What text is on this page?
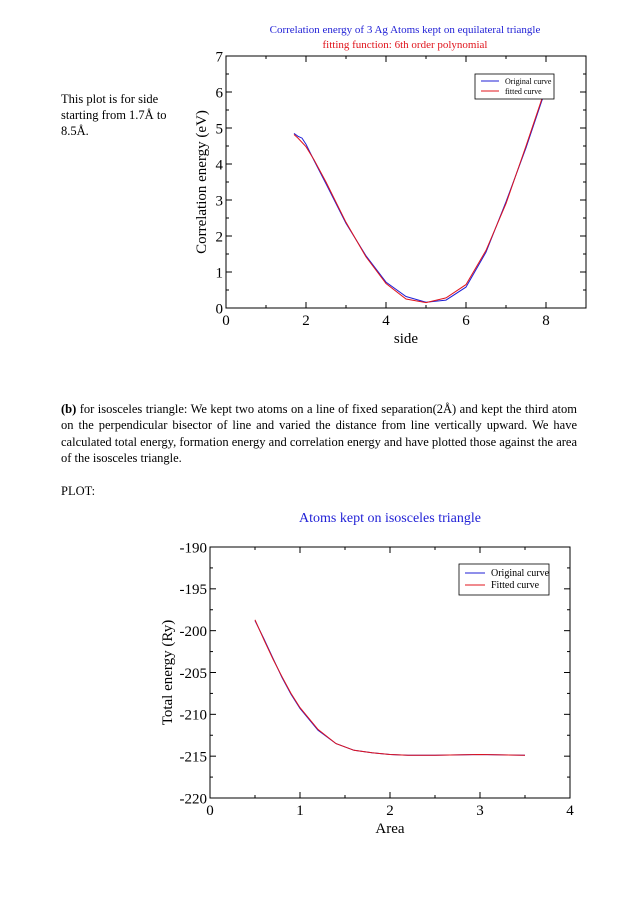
This plot is for side starting from 1.7Å to 8.5Å.
Correlation energy of 3 Ag Atoms kept on equilateral triangle
fitting function: 6th order polynomial
0	2	4	6	8
0
1
2
3
4
5
6
7
side
Correlation energy (eV)
Original curve
fitted curve
(b) for isosceles triangle: We kept two atoms on a line of fixed separation(2Å) and kept the third atom on the perpendicular bisector of line and varied the distance from line vertically upward. We have calculated total energy, formation energy and correlation energy and have plotted those against the area of the isosceles triangle.
PLOT:
Atoms kept on isosceles triangle
0	1	2	3	4
-190
-195
-200
-205
-210
-215
-220
Area
Total energy (Ry)
Original curve
Fitted curve
